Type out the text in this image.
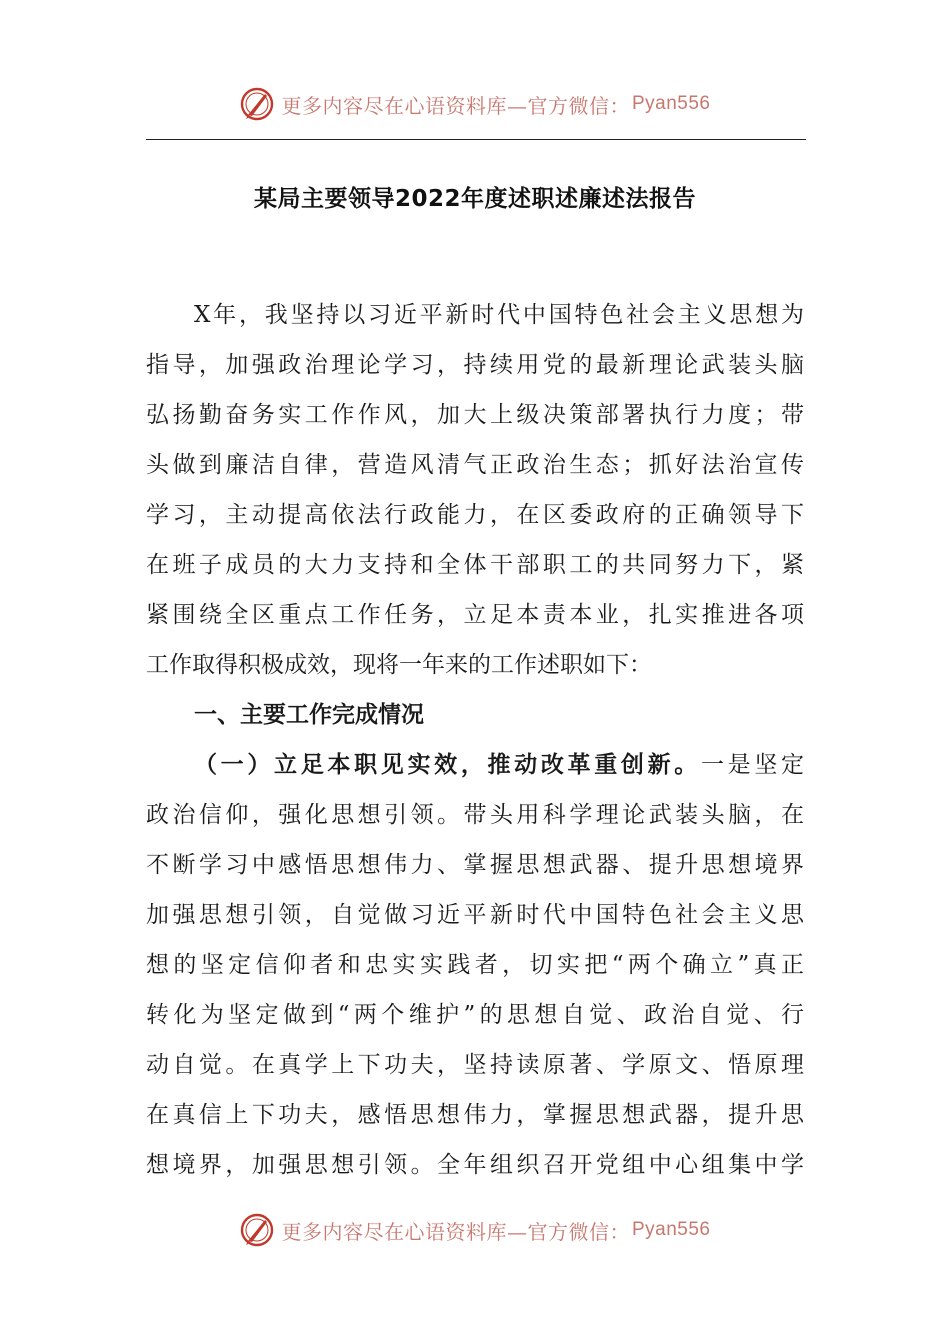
更多内容尽在心语资料库—官方微信： Pyan556
某局主要领导2022年度述职述廉述法报告
X年，我坚持以习近平新时代中国特色社会主义思想为
指导，加强政治理论学习，持续用党的最新理论武装头脑
弘扬勤奋务实工作作风，加大上级决策部署执行力度；带
头做到廉洁自律，营造风清气正政治生态；抓好法治宣传
学习，主动提高依法行政能力，在区委政府的正确领导下
在班子成员的大力支持和全体干部职工的共同努力下，紧
紧围绕全区重点工作任务，立足本责本业，扎实推进各项
工作取得积极成效，现将一年来的工作述职如下：
一、主要工作完成情况
（一）立足本职见实效，推动改革重创新。一是坚定
政治信仰，强化思想引领。带头用科学理论武装头脑，在
不断学习中感悟思想伟力、掌握思想武器、提升思想境界
加强思想引领，自觉做习近平新时代中国特色社会主义思
想的坚定信仰者和忠实实践者，切实把“两个确立”真正
转化为坚定做到“两个维护”的思想自觉、政治自觉、行
动自觉。在真学上下功夫，坚持读原著、学原文、悟原理
在真信上下功夫，感悟思想伟力，掌握思想武器，提升思
想境界，加强思想引领。全年组织召开党组中心组集中学
更多内容尽在心语资料库—官方微信： Pyan556
